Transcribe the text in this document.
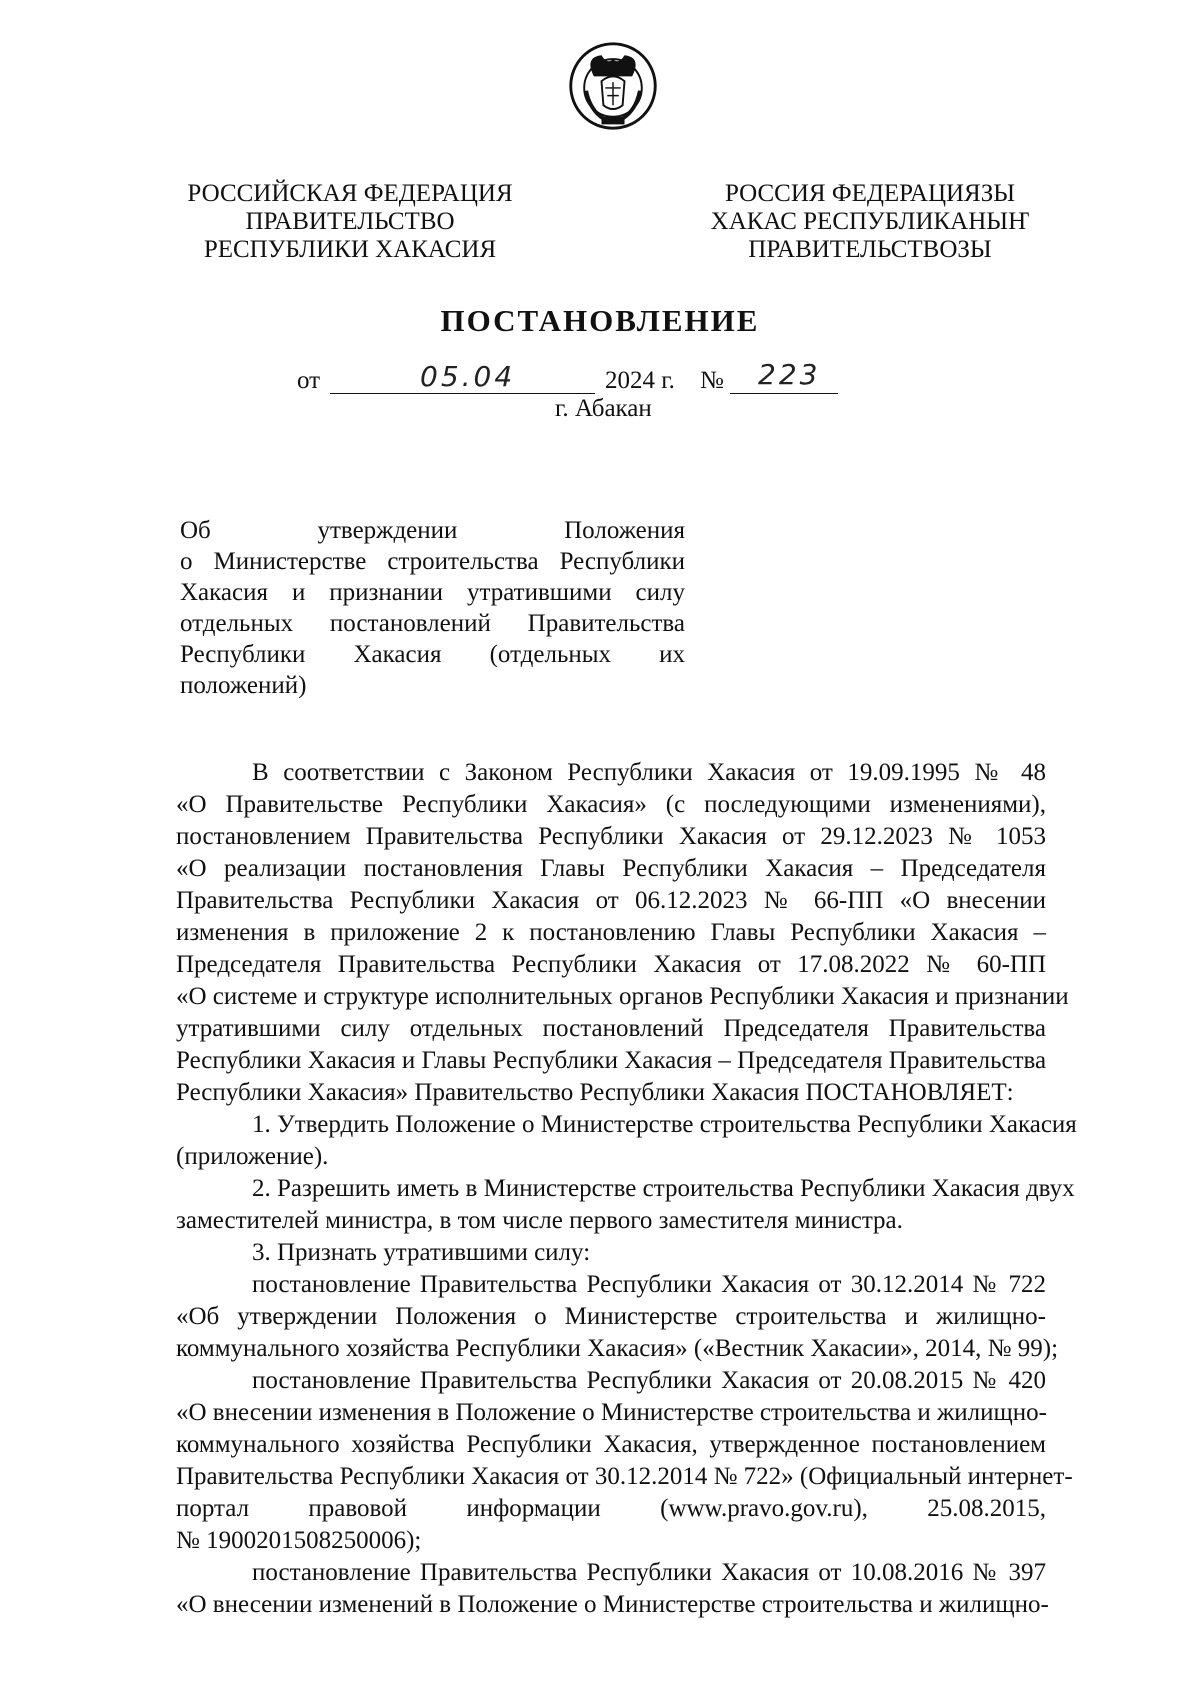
РОССИЙСКАЯ ФЕДЕРАЦИЯ
ПРАВИТЕЛЬСТВО
РЕСПУБЛИКИ ХАКАСИЯ
РОССИЯ ФЕДЕРАЦИЯЗЫ
ХАКАС РЕСПУБЛИКАНЫҤ
ПРАВИТЕЛЬСТВОЗЫ
ПОСТАНОВЛЕНИЕ
от	05.04	2024 г. № 223
г. Абакан
Об утверждении Положения
о Министерстве строительства Республики
Хакасия и признании утратившими силу
отдельных постановлений Правительства
Республики Хакасия (отдельных их
положений)
В соответствии с Законом Республики Хакасия от 19.09.1995 № 48
«О Правительстве Республики Хакасия» (с последующими изменениями),
постановлением Правительства Республики Хакасия от 29.12.2023 № 1053
«О реализации постановления Главы Республики Хакасия – Председателя
Правительства Республики Хакасия от 06.12.2023 № 66-ПП «О внесении
изменения в приложение 2 к постановлению Главы Республики Хакасия –
Председателя Правительства Республики Хакасия от 17.08.2022 № 60-ПП
«О системе и структуре исполнительных органов Республики Хакасия и признании
утратившими силу отдельных постановлений Председателя Правительства
Республики Хакасия и Главы Республики Хакасия – Председателя Правительства
Республики Хакасия» Правительство Республики Хакасия ПОСТАНОВЛЯЕТ:
1. Утвердить Положение о Министерстве строительства Республики Хакасия
(приложение).
2. Разрешить иметь в Министерстве строительства Республики Хакасия двух
заместителей министра, в том числе первого заместителя министра.
3. Признать утратившими силу:
постановление Правительства Республики Хакасия от 30.12.2014 № 722
«Об утверждении Положения о Министерстве строительства и жилищно-
коммунального хозяйства Республики Хакасия» («Вестник Хакасии», 2014, № 99);
постановление Правительства Республики Хакасия от 20.08.2015 № 420
«О внесении изменения в Положение о Министерстве строительства и жилищно-
коммунального хозяйства Республики Хакасия, утвержденное постановлением
Правительства Республики Хакасия от 30.12.2014 № 722» (Официальный интернет-
портал правовой информации (www.pravo.gov.ru), 25.08.2015,
№ 1900201508250006);
постановление Правительства Республики Хакасия от 10.08.2016 № 397
«О внесении изменений в Положение о Министерстве строительства и жилищно-
